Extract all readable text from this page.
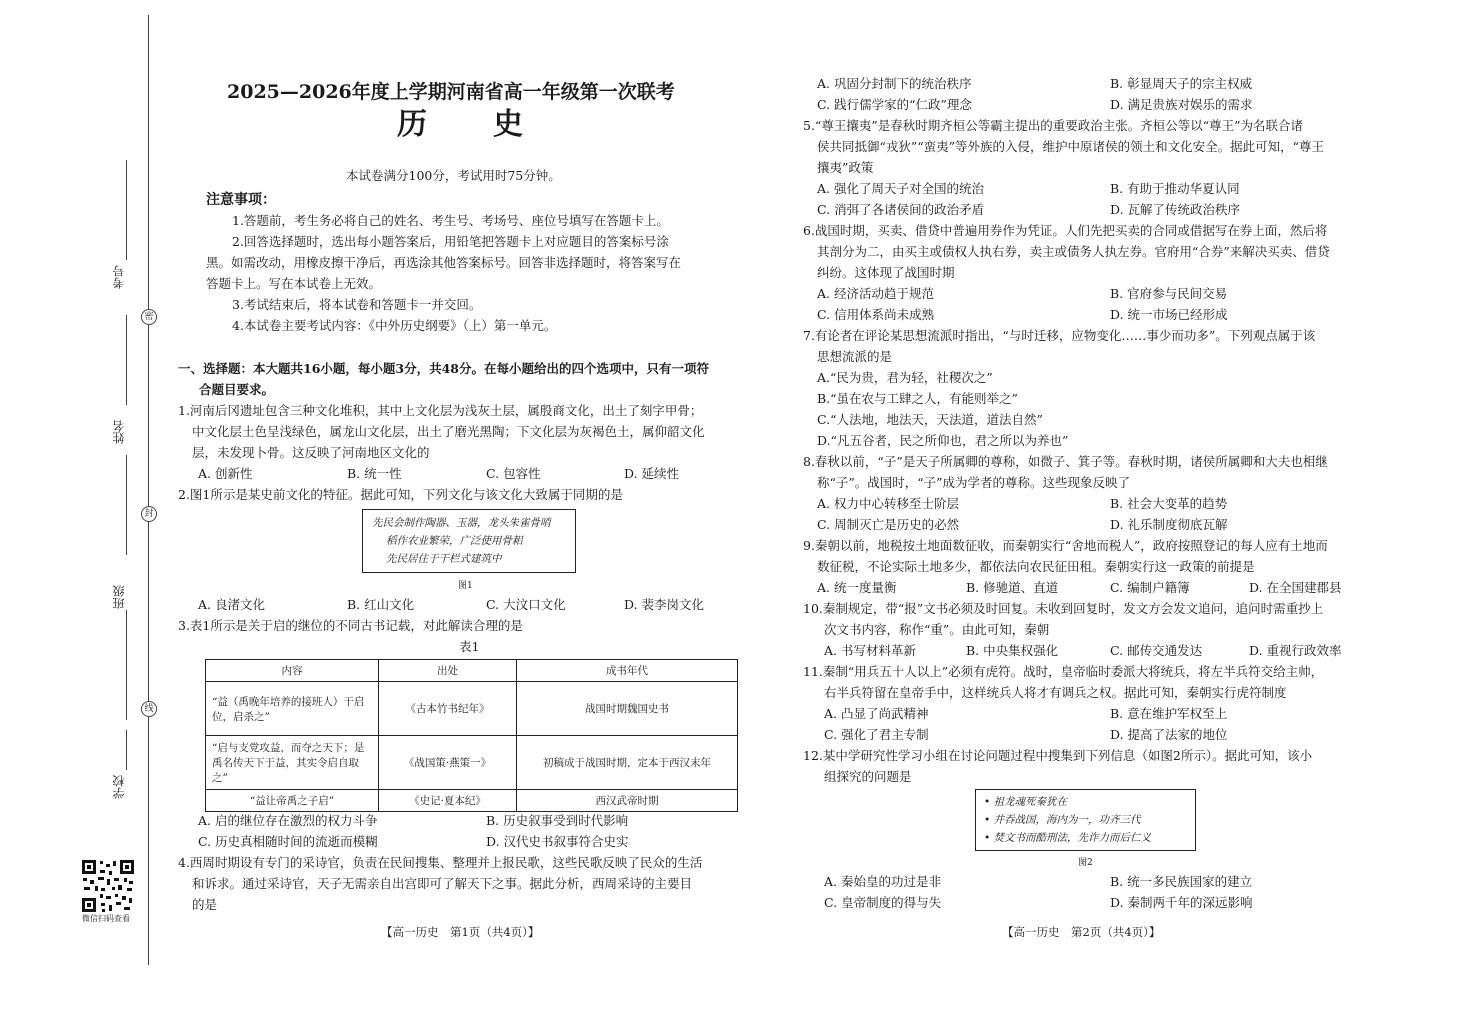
考号
密
姓名
封
班级
线
学校
微信扫码查看
2025—2026年度上学期河南省高一年级第一次联考
历　史
本试卷满分100分，考试用时75分钟。
注意事项：
1.答题前，考生务必将自己的姓名、考生号、考场号、座位号填写在答题卡上。
2.回答选择题时，选出每小题答案后，用铅笔把答题卡上对应题目的答案标号涂
黑。如需改动，用橡皮擦干净后，再选涂其他答案标号。回答非选择题时，将答案写在
答题卡上。写在本试卷上无效。
3.考试结束后，将本试卷和答题卡一并交回。
4.本试卷主要考试内容：《中外历史纲要》（上）第一单元。
一、选择题：本大题共16小题，每小题3分，共48分。在每小题给出的四个选项中，只有一项符
合题目要求。
1.河南后冈遗址包含三种文化堆积，其中上文化层为浅灰土层，属殷商文化，出土了刻字甲骨；
中文化层土色呈浅绿色，属龙山文化层，出土了磨光黑陶；下文化层为灰褐色土，属仰韶文化
层，未发现卜骨。这反映了河南地区文化的
A. 创新性	B. 统一性	C. 包容性	D. 延续性
2.图1所示是某史前文化的特征。据此可知，下列文化与该文化大致属于同期的是
先民会制作陶器、玉器，龙头朱雀骨哨
稻作农业繁荣，广泛使用骨耜
先民居住于干栏式建筑中
图1
A. 良渚文化	B. 红山文化	C. 大汶口文化	D. 裴李岗文化
3.表1所示是关于启的继位的不同古书记载，对此解读合理的是
表1
内容	出处	成书年代
“益（禹晚年培养的接班人）干启位，启杀之”	《古本竹书纪年》	战国时期魏国史书
“启与支党攻益，而夺之天下；是禹名传天下于益，其实令启自取之”	《战国策·燕策一》	初稿成于战国时期，定本于西汉末年
“益让帝禹之子启”	《史记·夏本纪》	西汉武帝时期
A. 启的继位存在激烈的权力斗争	B. 历史叙事受到时代影响
C. 历史真相随时间的流逝而模糊	D. 汉代史书叙事符合史实
4.西周时期设有专门的采诗官，负责在民间搜集、整理并上报民歌，这些民歌反映了民众的生活
和诉求。通过采诗官，天子无需亲自出宫即可了解天下之事。据此分析，西周采诗的主要目
的是
【高一历史　第1页（共4页）】
A. 巩固分封制下的统治秩序	B. 彰显周天子的宗主权威
C. 践行儒学家的“仁政”理念	D. 满足贵族对娱乐的需求
5.“尊王攘夷”是春秋时期齐桓公等霸主提出的重要政治主张。齐桓公等以“尊王”为名联合诸
侯共同抵御“戎狄”“蛮夷”等外族的入侵，维护中原诸侯的领土和文化安全。据此可知，“尊王
攘夷”政策
A. 强化了周天子对全国的统治	B. 有助于推动华夏认同
C. 消弭了各诸侯间的政治矛盾	D. 瓦解了传统政治秩序
6.战国时期，买卖、借贷中普遍用券作为凭证。人们先把买卖的合同或借据写在券上面，然后将
其剖分为二，由买主或债权人执右券，卖主或债务人执左券。官府用“合券”来解决买卖、借贷
纠纷。这体现了战国时期
A. 经济活动趋于规范	B. 官府参与民间交易
C. 信用体系尚未成熟	D. 统一市场已经形成
7.有论者在评论某思想流派时指出，“与时迁移，应物变化……事少而功多”。下列观点属于该
思想流派的是
A.“民为贵，君为轻，社稷次之”
B.“虽在农与工肆之人，有能则举之”
C.“人法地，地法天，天法道，道法自然”
D.“凡五谷者，民之所仰也，君之所以为养也”
8.春秋以前，“子”是天子所属卿的尊称，如微子、箕子等。春秋时期，诸侯所属卿和大夫也相继
称“子”。战国时，“子”成为学者的尊称。这些现象反映了
A. 权力中心转移至士阶层	B. 社会大变革的趋势
C. 周制灭亡是历史的必然	D. 礼乐制度彻底瓦解
9.秦朝以前，地税按土地面数征收，而秦朝实行“舍地而税人”，政府按照登记的每人应有土地而
数征税，不论实际土地多少，都依法向农民征田租。秦朝实行这一政策的前提是
A. 统一度量衡	B. 修驰道、直道	C. 编制户籍簿	D. 在全国建郡县
10.秦制规定，带“报”文书必须及时回复。未收到回复时，发文方会发文追问，追问时需重抄上
次文书内容，称作“重”。由此可知，秦朝
A. 书写材料革新	B. 中央集权强化	C. 邮传交通发达	D. 重视行政效率
11.秦制“用兵五十人以上”必须有虎符。战时，皇帝临时委派大将统兵，将左半兵符交给主帅，
右半兵符留在皇帝手中，这样统兵人将才有调兵之权。据此可知，秦朝实行虎符制度
A. 凸显了尚武精神	B. 意在维护军权至上
C. 强化了君主专制	D. 提高了法家的地位
12.某中学研究性学习小组在讨论问题过程中搜集到下列信息（如图2所示）。据此可知，该小
组探究的问题是
• 祖龙魂死秦犹在
• 并吞战国，海内为一，功齐三代
• 焚文书而酷刑法，先诈力而后仁义
图2
A. 秦始皇的功过是非	B. 统一多民族国家的建立
C. 皇帝制度的得与失	D. 秦制两千年的深远影响
【高一历史　第2页（共4页）】
